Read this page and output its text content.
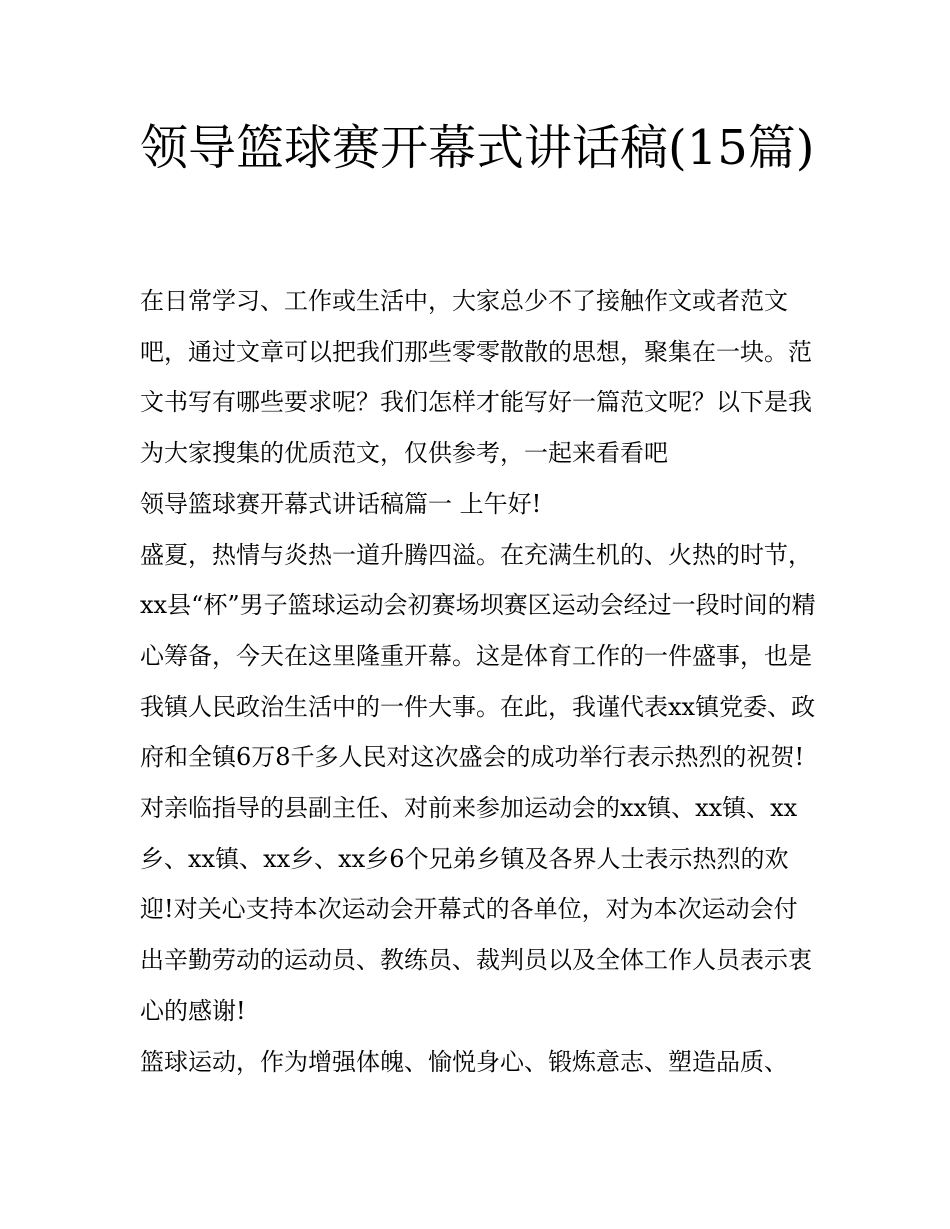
领导篮球赛开幕式讲话稿(15篇)

在日常学习、工作或生活中，大家总少不了接触作文或者范文吧，通过文章可以把我们那些零零散散的思想，聚集在一块。范文书写有哪些要求呢？我们怎样才能写好一篇范文呢？以下是我为大家搜集的优质范文，仅供参考，一起来看看吧

领导篮球赛开幕式讲话稿篇一 上午好!

盛夏，热情与炎热一道升腾四溢。在充满生机的、火热的时节，xx县“杯”男子篮球运动会初赛场坝赛区运动会经过一段时间的精心筹备，今天在这里隆重开幕。这是体育工作的一件盛事，也是我镇人民政治生活中的一件大事。在此，我谨代表xx镇党委、政府和全镇6万8千多人民对这次盛会的成功举行表示热烈的祝贺!对亲临指导的县副主任、对前来参加运动会的xx镇、xx镇、xx乡、xx镇、xx乡、xx乡6个兄弟乡镇及各界人士表示热烈的欢迎!对关心支持本次运动会开幕式的各单位，对为本次运动会付出辛勤劳动的运动员、教练员、裁判员以及全体工作人员表示衷心的感谢!

篮球运动，作为增强体魄、愉悦身心、锻炼意志、塑造品质、
